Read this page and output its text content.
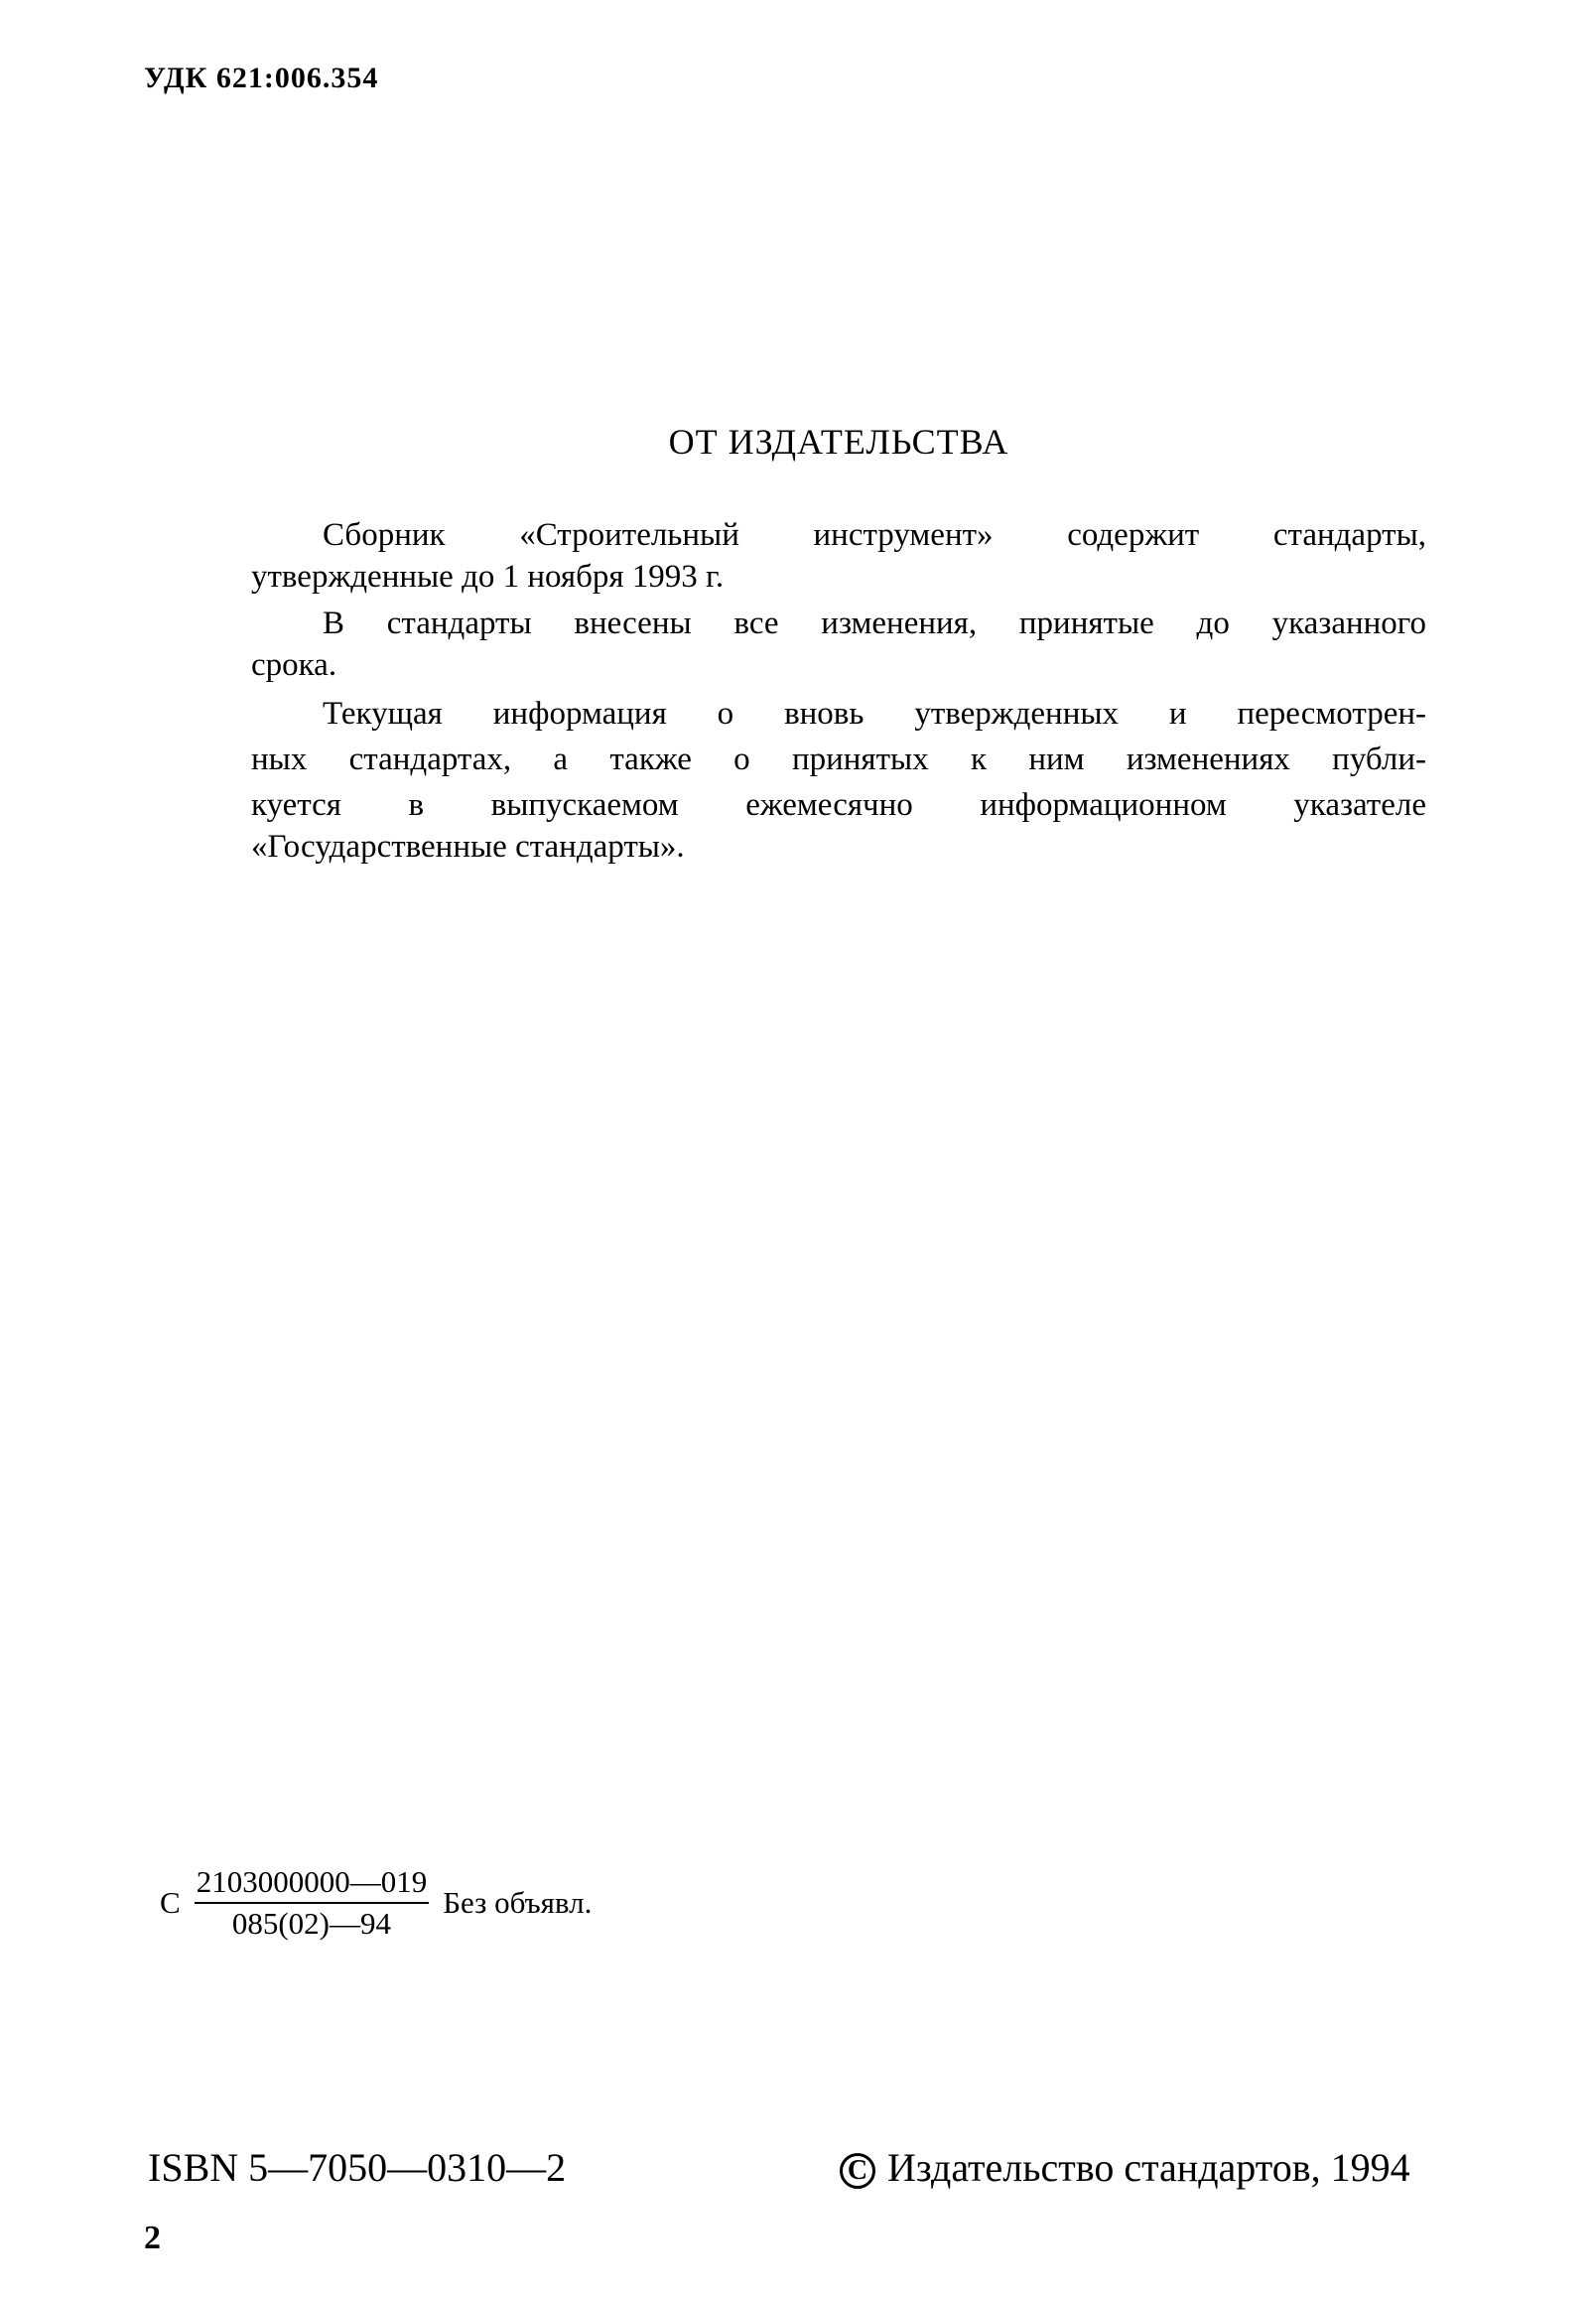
УДК 621:006.354
ОТ ИЗДАТЕЛЬСТВА
Сборник «Строительный инструмент» содержит стандарты,
утвержденные до 1 ноября 1993 г.
В стандарты внесены все изменения, принятые до указанного
срока.
Текущая информация о вновь утвержденных и пересмотрен-
ных стандартах, а также о принятых к ним изменениях публи-
куется в выпускаемом ежемесячно информационном указателе
«Государственные стандарты».
С $\frac{2103000000—019}{085(02)—94}$ Без объявл.
ISBN 5—7050—0310—2	C Издательство стандартов, 1994
2
